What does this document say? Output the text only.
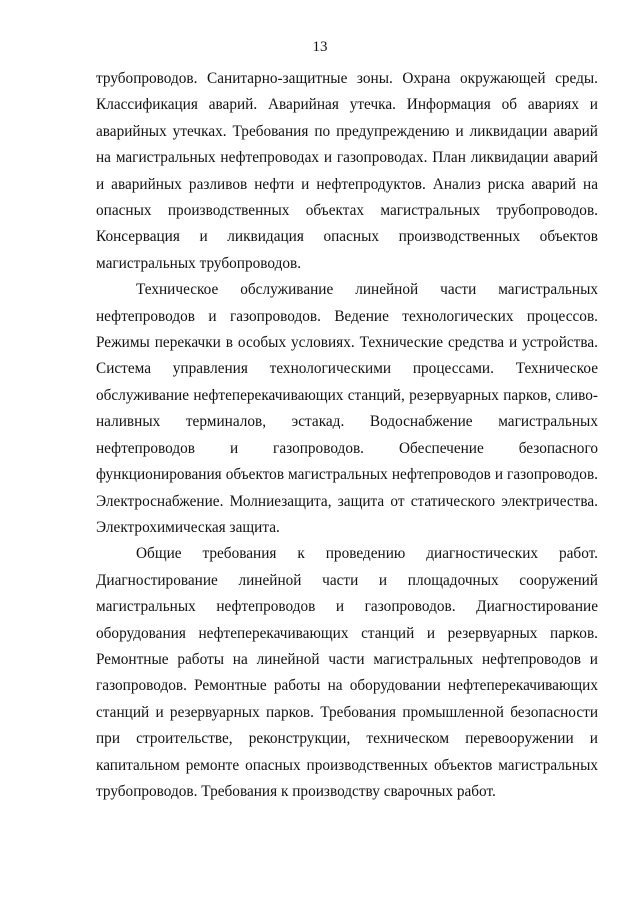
13

трубопроводов. Санитарно-защитные зоны. Охрана окружающей среды. Классификация аварий. Аварийная утечка. Информация об авариях и аварийных утечках. Требования по предупреждению и ликвидации аварий на магистральных нефтепроводах и газопроводах. План ликвидации аварий и аварийных разливов нефти и нефтепродуктов. Анализ риска аварий на опасных производственных объектах магистральных трубопроводов. Консервация и ликвидация опасных производственных объектов магистральных трубопроводов.

Техническое обслуживание линейной части магистральных нефтепроводов и газопроводов. Ведение технологических процессов. Режимы перекачки в особых условиях. Технические средства и устройства. Система управления технологическими процессами. Техническое обслуживание нефтеперекачивающих станций, резервуарных парков, сливо-наливных терминалов, эстакад. Водоснабжение магистральных нефтепроводов и газопроводов. Обеспечение безопасного функционирования объектов магистральных нефтепроводов и газопроводов. Электроснабжение. Молниезащита, защита от статического электричества. Электрохимическая защита.

Общие требования к проведению диагностических работ. Диагностирование линейной части и площадочных сооружений магистральных нефтепроводов и газопроводов. Диагностирование оборудования нефтеперекачивающих станций и резервуарных парков. Ремонтные работы на линейной части магистральных нефтепроводов и газопроводов. Ремонтные работы на оборудовании нефтеперекачивающих станций и резервуарных парков. Требования промышленной безопасности при строительстве, реконструкции, техническом перевооружении и капитальном ремонте опасных производственных объектов магистральных трубопроводов. Требования к производству сварочных работ.
